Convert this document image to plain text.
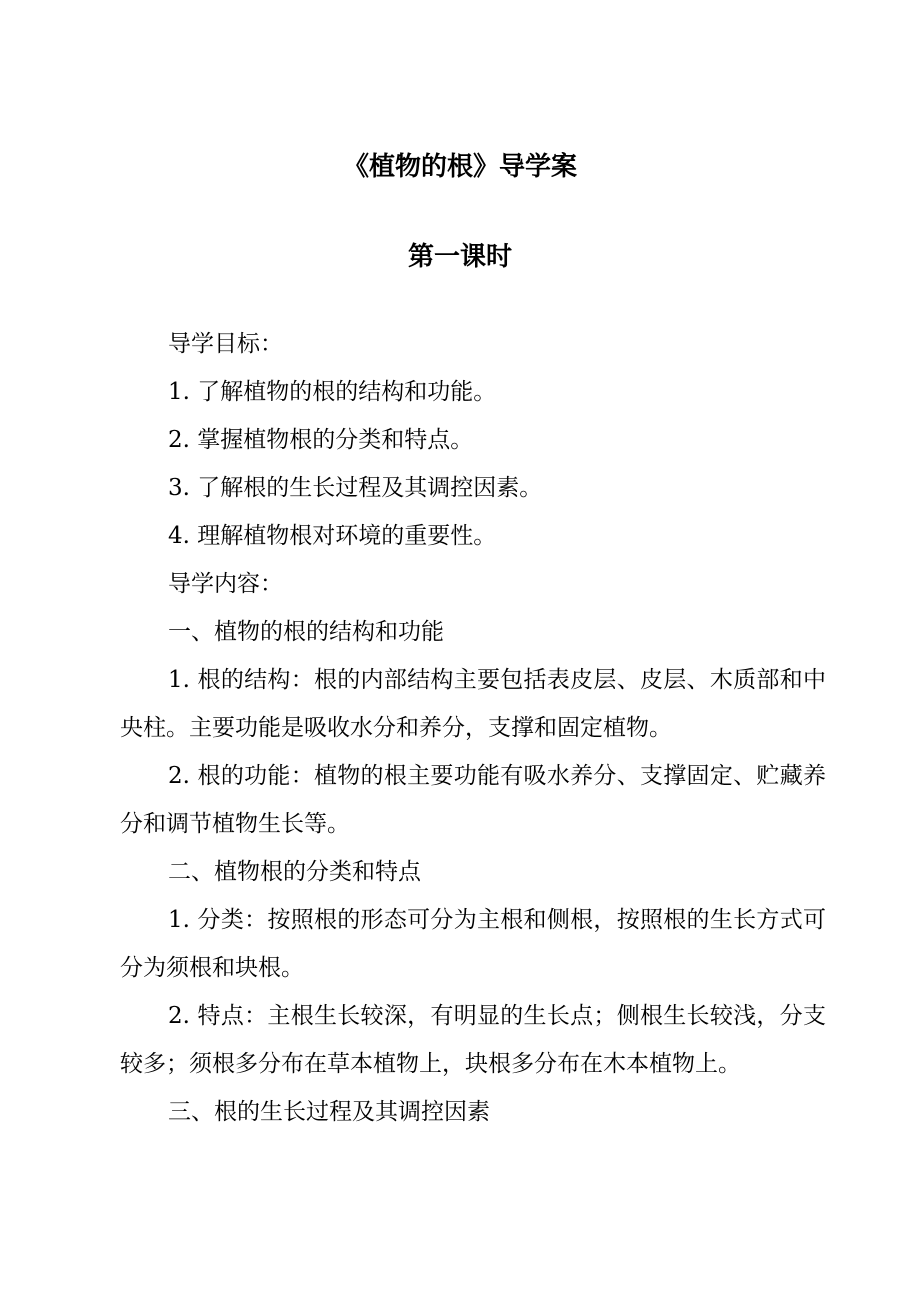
《植物的根》导学案
第一课时

导学目标：

1. 了解植物的根的结构和功能。

2. 掌握植物根的分类和特点。

3. 了解根的生长过程及其调控因素。

4. 理解植物根对环境的重要性。

导学内容：

一、植物的根的结构和功能

1. 根的结构：根的内部结构主要包括表皮层、皮层、木质部和中央柱。主要功能是吸收水分和养分，支撑和固定植物。

2. 根的功能：植物的根主要功能有吸水养分、支撑固定、贮藏养分和调节植物生长等。

二、植物根的分类和特点

1. 分类：按照根的形态可分为主根和侧根，按照根的生长方式可分为须根和块根。

2. 特点：主根生长较深，有明显的生长点；侧根生长较浅，分支较多；须根多分布在草本植物上，块根多分布在木本植物上。

三、根的生长过程及其调控因素
